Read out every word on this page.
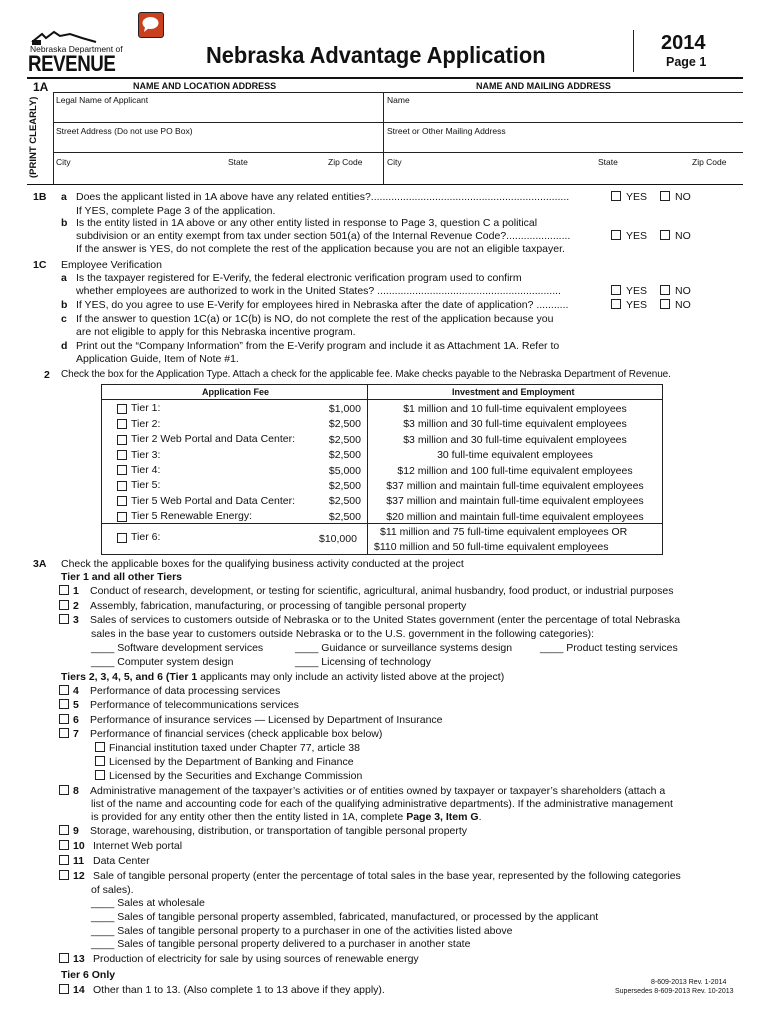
Nebraska Department of
REVENUE	Nebraska Advantage Application	2014
Page 1
1A	NAME AND LOCATION ADDRESS	NAME AND MAILING ADDRESS
(PRINT CLEARLY) Legal Name of Applicant	Name
Street Address (Do not use PO Box)	Street or Other Mailing Address
City	State	Zip Code	City	State	Zip Code
1B a Does the applicant listed in 1A above have any related entities?....................................................................	YES	NO
If YES, complete Page 3 of the application.
b Is the entity listed in 1A above or any other entity listed in response to Page 3, question C a political
subdivision or an entity exempt from tax under section 501(a) of the Internal Revenue Code?......................	YES	NO
If the answer is YES, do not complete the rest of the application because you are not an eligible taxpayer.
1C Employee Verification
a Is the taxpayer registered for E-Verify, the federal electronic verification program used to confirm
whether employees are authorized to work in the United States? ...............................................................	YES	NO
b If YES, do you agree to use E-Verify for employees hired in Nebraska after the date of application? ...........	YES	NO
c If the answer to question 1C(a) or 1C(b) is NO, do not complete the rest of the application because you
are not eligible to apply for this Nebraska incentive program.
d Print out the “Company Information” from the E-Verify program and include it as Attachment 1A. Refer to
Application Guide, Item of Note #1.
2 Check the box for the Application Type. Attach a check for the applicable fee. Make checks payable to the Nebraska Department of Revenue.
Application Fee	Investment and Employment
Tier 1:	$1,000	$1 million and 10 full-time equivalent employees
Tier 2:	$2,500	$3 million and 30 full-time equivalent employees
Tier 2 Web Portal and Data Center:	$2,500	$3 million and 30 full-time equivalent employees
Tier 3:	$2,500	30 full-time equivalent employees
Tier 4:	$5,000	$12 million and 100 full-time equivalent employees
Tier 5:	$2,500	$37 million and maintain full-time equivalent employees
Tier 5 Web Portal and Data Center:	$2,500	$37 million and maintain full-time equivalent employees
Tier 5 Renewable Energy:	$2,500	$20 million and maintain full-time equivalent employees
Tier 6:	$10,000
$11 million and 75 full-time equivalent employees OR
$110 million and 50 full-time equivalent employees
3A Check the applicable boxes for the qualifying business activity conducted at the project
Tier 1 and all other Tiers
1 Conduct of research, development, or testing for scientific, agricultural, animal husbandry, food product, or industrial purposes
2 Assembly, fabrication, manufacturing, or processing of tangible personal property
3 Sales of services to customers outside of Nebraska or to the United States government (enter the percentage of total Nebraska
4 Performance of data processing services
5 Performance of telecommunications services
6 Performance of insurance services — Licensed by Department of Insurance
7 Performance of financial services (check applicable box below)
8 Administrative management of the taxpayer’s activities or of entities owned by taxpayer or taxpayer’s shareholders (attach a
9 Storage, warehousing, distribution, or transportation of tangible personal property
10 Internet Web portal
11 Data Center
12 Sale of tangible personal property (enter the percentage of total sales in the base year, represented by the following categories
13 Production of electricity for sale by using sources of renewable energy
14 Other than 1 to 13. (Also complete 1 to 13 above if they apply).
sales in the base year to customers outside Nebraska or to the U.S. government in the following categories):
____ Software development services	____ Guidance or surveillance systems design	____ Product testing services
____ Computer system design	____ Licensing of technology
Tiers 2, 3, 4, 5, and 6 (Tier 1 applicants may only include an activity listed above at the project)
Financial institution taxed under Chapter 77, article 38
Licensed by the Department of Banking and Finance
Licensed by the Securities and Exchange Commission
list of the name and accounting code for each of the qualifying administrative departments). If the administrative management
is provided for any entity other then the entity listed in 1A, complete Page 3, Item G.
of sales).
____ Sales at wholesale
____ Sales of tangible personal property assembled, fabricated, manufactured, or processed by the applicant
____ Sales of tangible personal property to a purchaser in one of the activities listed above
____ Sales of tangible personal property delivered to a purchaser in another state
Tier 6 Only
8-609-2013 Rev. 1-2014
Supersedes 8-609-2013 Rev. 10-2013
